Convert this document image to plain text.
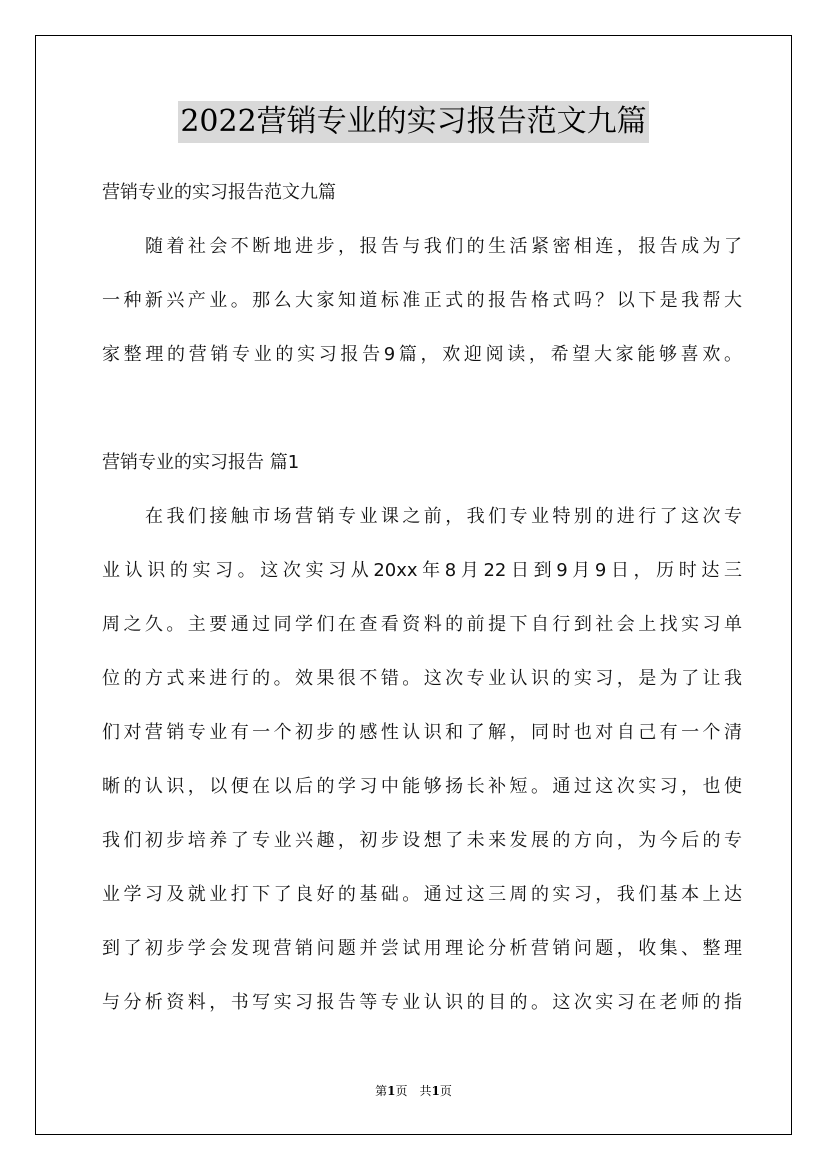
2022营销专业的实习报告范文九篇
营销专业的实习报告范文九篇
随着社会不断地进步，报告与我们的生活紧密相连，报告成为了
一种新兴产业。那么大家知道标准正式的报告格式吗？以下是我帮大
家整理的营销专业的实习报告9篇，欢迎阅读，希望大家能够喜欢。
营销专业的实习报告 篇1
在我们接触市场营销专业课之前，我们专业特别的进行了这次专
业认识的实习。这次实习从20xx年8月22日到9月9日，历时达三
周之久。主要通过同学们在查看资料的前提下自行到社会上找实习单
位的方式来进行的。效果很不错。这次专业认识的实习，是为了让我
们对营销专业有一个初步的感性认识和了解，同时也对自己有一个清
晰的认识，以便在以后的学习中能够扬长补短。通过这次实习，也使
我们初步培养了专业兴趣，初步设想了未来发展的方向，为今后的专
业学习及就业打下了良好的基础。通过这三周的实习，我们基本上达
到了初步学会发现营销问题并尝试用理论分析营销问题，收集、整理
与分析资料，书写实习报告等专业认识的目的。这次实习在老师的指
第1页　共1页
